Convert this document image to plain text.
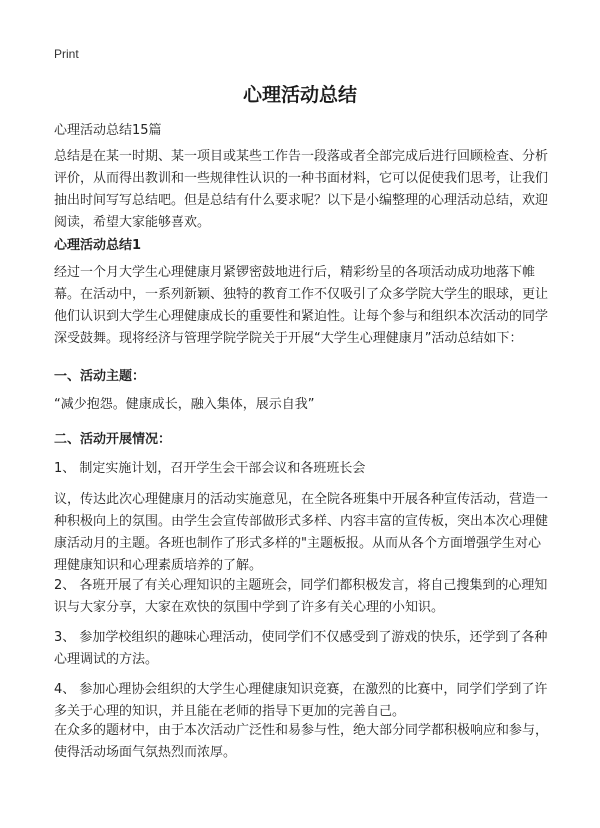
Print
心理活动总结

心理活动总结15篇

总结是在某一时期、某一项目或某些工作告一段落或者全部完成后进行回顾检查、分析评价，从而得出教训和一些规律性认识的一种书面材料，它可以促使我们思考，让我们抽出时间写写总结吧。但是总结有什么要求呢？以下是小编整理的心理活动总结，欢迎阅读，希望大家能够喜欢。

心理活动总结1

经过一个月大学生心理健康月紧锣密鼓地进行后，精彩纷呈的各项活动成功地落下帷幕。在活动中，一系列新颖、独特的教育工作不仅吸引了众多学院大学生的眼球，更让他们认识到大学生心理健康成长的重要性和紧迫性。让每个参与和组织本次活动的同学深受鼓舞。现将经济与管理学院学院关于开展“大学生心理健康月”活动总结如下：

一、活动主题：

“减少抱怨。健康成长，融入集体，展示自我”

二、活动开展情况：

1、 制定实施计划，召开学生会干部会议和各班班长会

议，传达此次心理健康月的活动实施意见，在全院各班集中开展各种宣传活动，营造一种积极向上的氛围。由学生会宣传部做形式多样、内容丰富的宣传板，突出本次心理健康活动月的主题。各班也制作了形式多样的"主题板报。从而从各个方面增强学生对心理健康知识和心理素质培养的了解。

2、 各班开展了有关心理知识的主题班会，同学们都积极发言，将自己搜集到的心理知识与大家分享，大家在欢快的氛围中学到了许多有关心理的小知识。

3、 参加学校组织的趣味心理活动，使同学们不仅感受到了游戏的快乐，还学到了各种心理调试的方法。

4、 参加心理协会组织的大学生心理健康知识竞赛，在激烈的比赛中，同学们学到了许多关于心理的知识，并且能在老师的指导下更加的完善自己。

在众多的题材中，由于本次活动广泛性和易参与性，绝大部分同学都积极响应和参与，使得活动场面气氛热烈而浓厚。
